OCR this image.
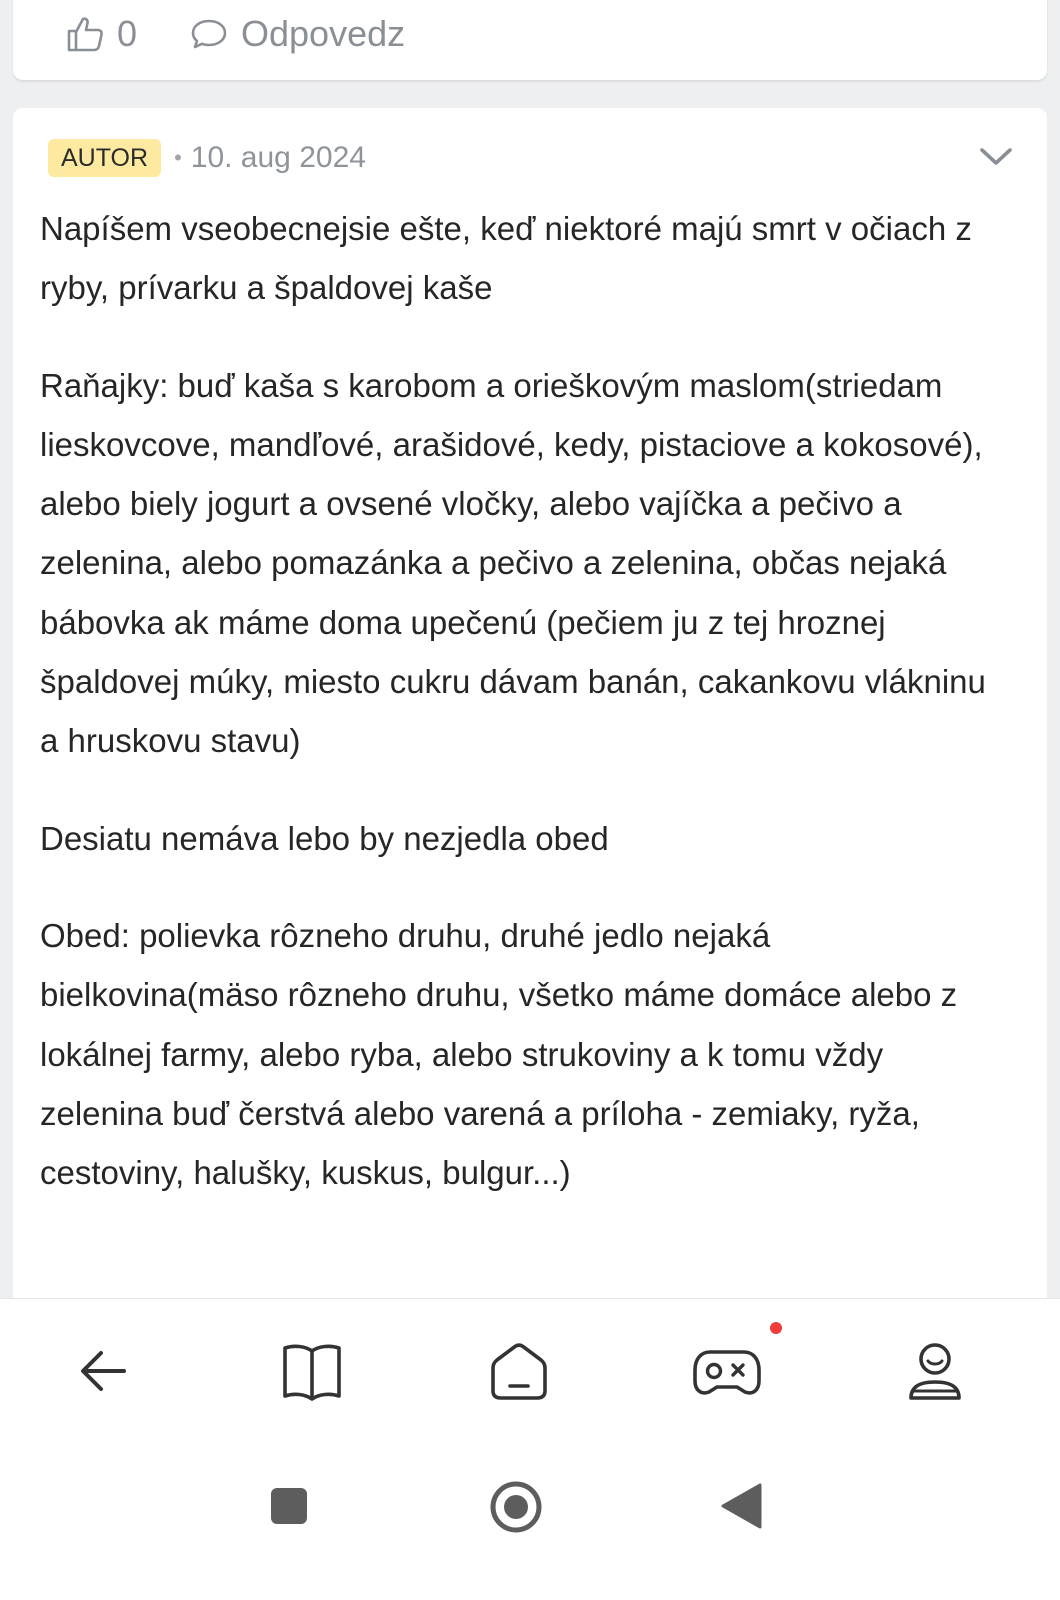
0	Odpovedz
AUTOR	• 10. aug 2024

Napíšem vseobecnejsie ešte, keď niektoré majú smrt v očiach z ryby, prívarku a špaldovej kaše

Raňajky: buď kaša s karobom a orieškovým maslom(striedam lieskovcove, mandľové, arašidové, kedy, pistaciove a kokosové), alebo biely jogurt a ovsené vločky, alebo vajíčka a pečivo a zelenina, alebo pomazánka a pečivo a zelenina, občas nejaká bábovka ak máme doma upečenú (pečiem ju z tej hroznej špaldovej múky, miesto cukru dávam banán, cakankovu vlákninu a hruskovu stavu)

Desiatu nemáva lebo by nezjedla obed

Obed: polievka rôzneho druhu, druhé jedlo nejaká bielkovina(mäso rôzneho druhu, všetko máme domáce alebo z lokálnej farmy, alebo ryba, alebo strukoviny a k tomu vždy zelenina buď čerstvá alebo varená a príloha - zemiaky, ryža, cestoviny, halušky, kuskus, bulgur...)
